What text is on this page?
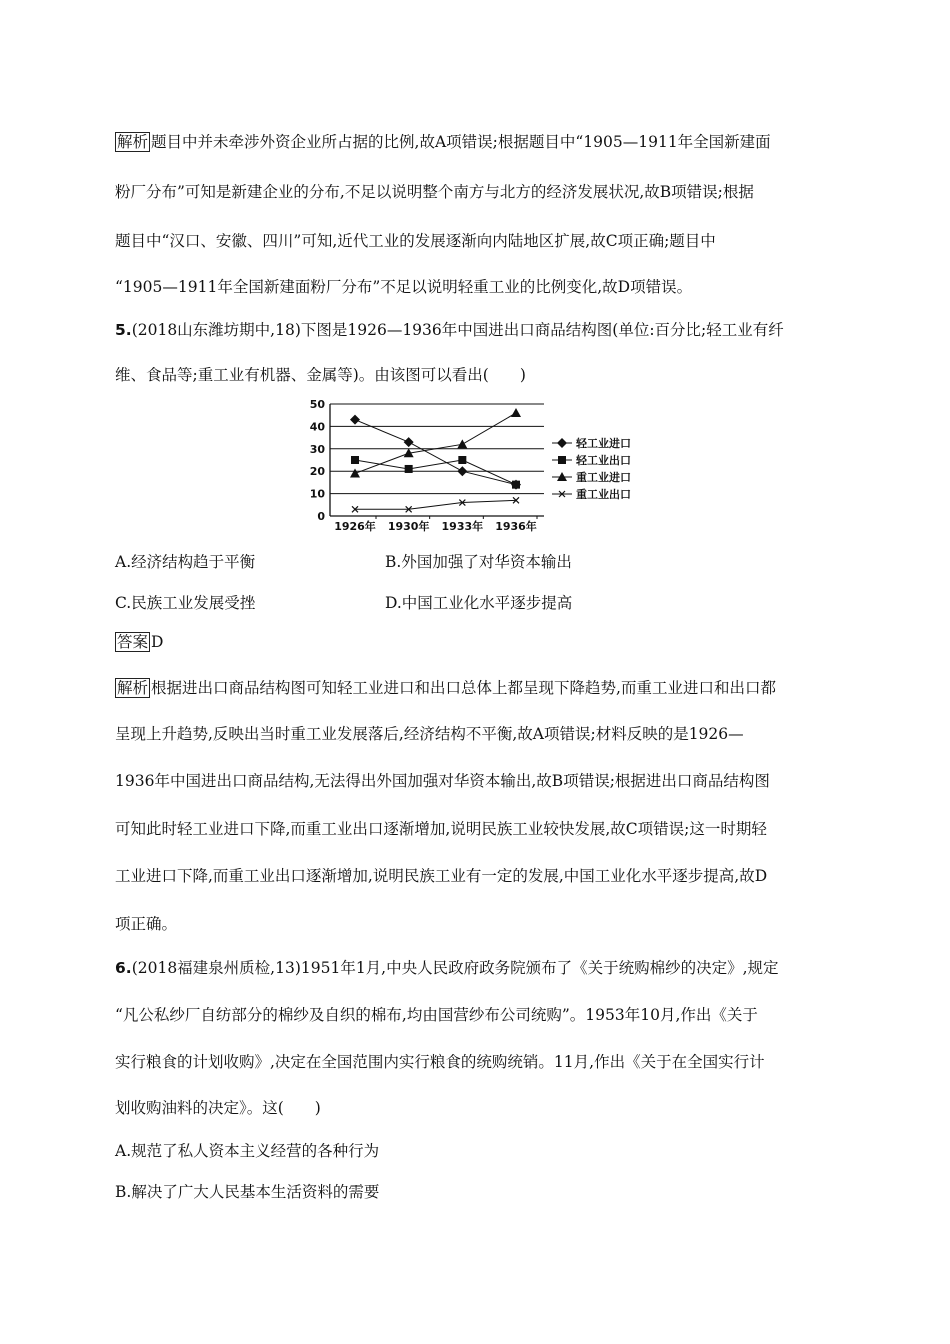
解析 题目中并未牵涉外资企业所占据的比例,故A项错误;根据题目中“1905—1911年全国新建面
粉厂分布”可知是新建企业的分布,不足以说明整个南方与北方的经济发展状况,故B项错误;根据
题目中“汉口、安徽、四川”可知,近代工业的发展逐渐向内陆地区扩展,故C项正确;题目中
“1905—1911年全国新建面粉厂分布”不足以说明轻重工业的比例变化,故D项错误。
5.(2018山东潍坊期中,18)下图是1926—1936年中国进出口商品结构图(单位:百分比;轻工业有纤
维、食品等;重工业有机器、金属等)。由该图可以看出(　　)
0
10
20
30
40
50
1926年 1930年 1933年 1936年
轻工业进口
轻工业出口
重工业进口
重工业出口
A.经济结构趋于平衡	B.外国加强了对华资本输出
C.民族工业发展受挫	D.中国工业化水平逐步提高
答案 D
解析 根据进出口商品结构图可知轻工业进口和出口总体上都呈现下降趋势,而重工业进口和出口都
呈现上升趋势,反映出当时重工业发展落后,经济结构不平衡,故A项错误;材料反映的是1926—
1936年中国进出口商品结构,无法得出外国加强对华资本输出,故B项错误;根据进出口商品结构图
可知此时轻工业进口下降,而重工业出口逐渐增加,说明民族工业较快发展,故C项错误;这一时期轻
工业进口下降,而重工业出口逐渐增加,说明民族工业有一定的发展,中国工业化水平逐步提高,故D
项正确。
6.(2018福建泉州质检,13)1951年1月,中央人民政府政务院颁布了《关于统购棉纱的决定》,规定
“凡公私纱厂自纺部分的棉纱及自织的棉布,均由国营纱布公司统购”。1953年10月,作出《关于
实行粮食的计划收购》,决定在全国范围内实行粮食的统购统销。11月,作出《关于在全国实行计
划收购油料的决定》。这(　　)
A.规范了私人资本主义经营的各种行为
B.解决了广大人民基本生活资料的需要
